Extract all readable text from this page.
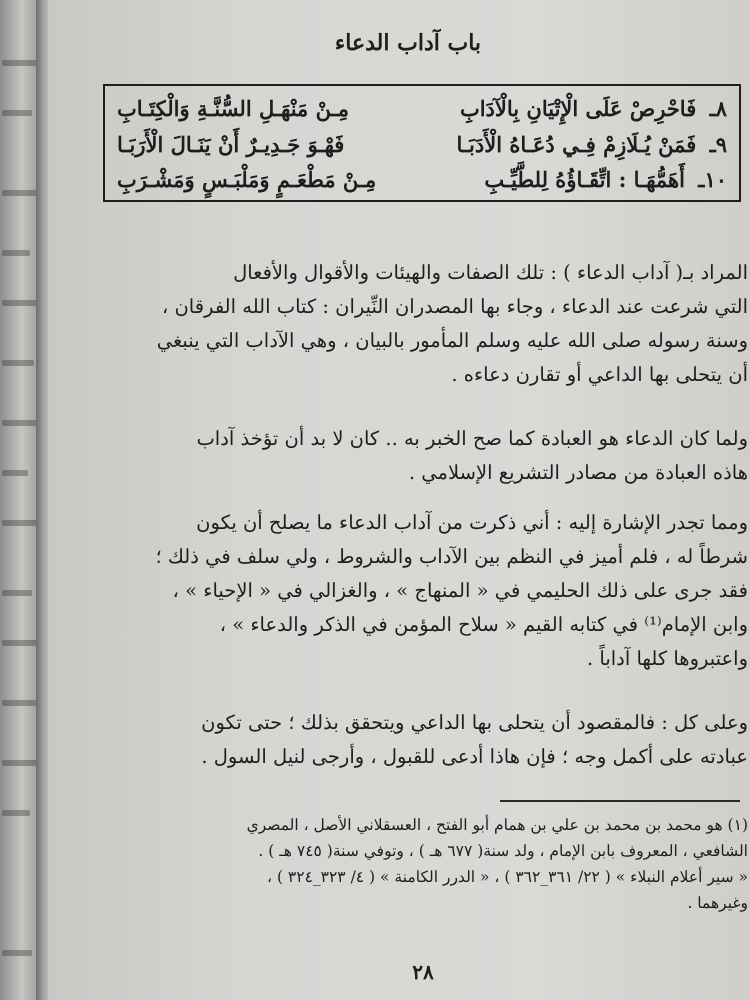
باب آداب الدعاء
٨ـ فَاحْرِصْ عَلَى الْإِتْيَانِ بِالْآدَابِ
مِـنْ مَنْهَـلِ السُّنَّـةِ وَالْكِتَـابِ
٩ـ فَمَنْ يُـلَازِمْ فِـي دُعَـاهُ الْأَدَبَـا
فَهْـوَ جَـدِيـرٌ أَنْ يَنَـالَ الْأَرَبَـا
١٠ـ أَهَمُّهَـا : اتِّقَـاؤُهُ لِلطَّيِّـبِ
مِـنْ مَطْعَـمٍ وَمَلْبَـسٍ وَمَشْـرَبِ
المراد بـ( آداب الدعاء ) : تلك الصفات والهيئات والأقوال والأفعال
التي شرعت عند الدعاء ، وجاء بها المصدران النِّيران : كتاب الله الفرقان ،
وسنة رسوله صلى الله عليه وسلم المأمور بالبيان ، وهي الآداب التي ينبغي
أن يتحلى بها الداعي أو تقارن دعاءه .
ولما كان الدعاء هو العبادة كما صح الخبر به .. كان لا بد أن تؤخذ آداب
هاذه العبادة من مصادر التشريع الإسلامي .
ومما تجدر الإشارة إليه : أني ذكرت من آداب الدعاء ما يصلح أن يكون
شرطاً له ، فلم أميز في النظم بين الآداب والشروط ، ولي سلف في ذلك ؛
فقد جرى على ذلك الحليمي في « المنهاج » ، والغزالي في « الإحياء » ،
وابن الإمام⁽¹⁾ في كتابه القيم « سلاح المؤمن في الذكر والدعاء » ،
واعتبروها كلها آداباً .
وعلى كل : فالمقصود أن يتحلى بها الداعي ويتحقق بذلك ؛ حتى تكون
عبادته على أكمل وجه ؛ فإن هاذا أدعى للقبول ، وأرجى لنيل السول .
(١) هو محمد بن محمد بن علي بن همام أبو الفتح ، العسقلاني الأصل ، المصري
الشافعي ، المعروف بابن الإمام ، ولد سنة( ٦٧٧ هـ ) ، وتوفي سنة( ٧٤٥ هـ ) .
« سير أعلام النبلاء » ( ٢٢/ ٣٦١_٣٦٢ ) ، « الدرر الكامنة » ( ٤/ ٣٢٣_٣٢٤ ) ،
وغيرهما .
٢٨
